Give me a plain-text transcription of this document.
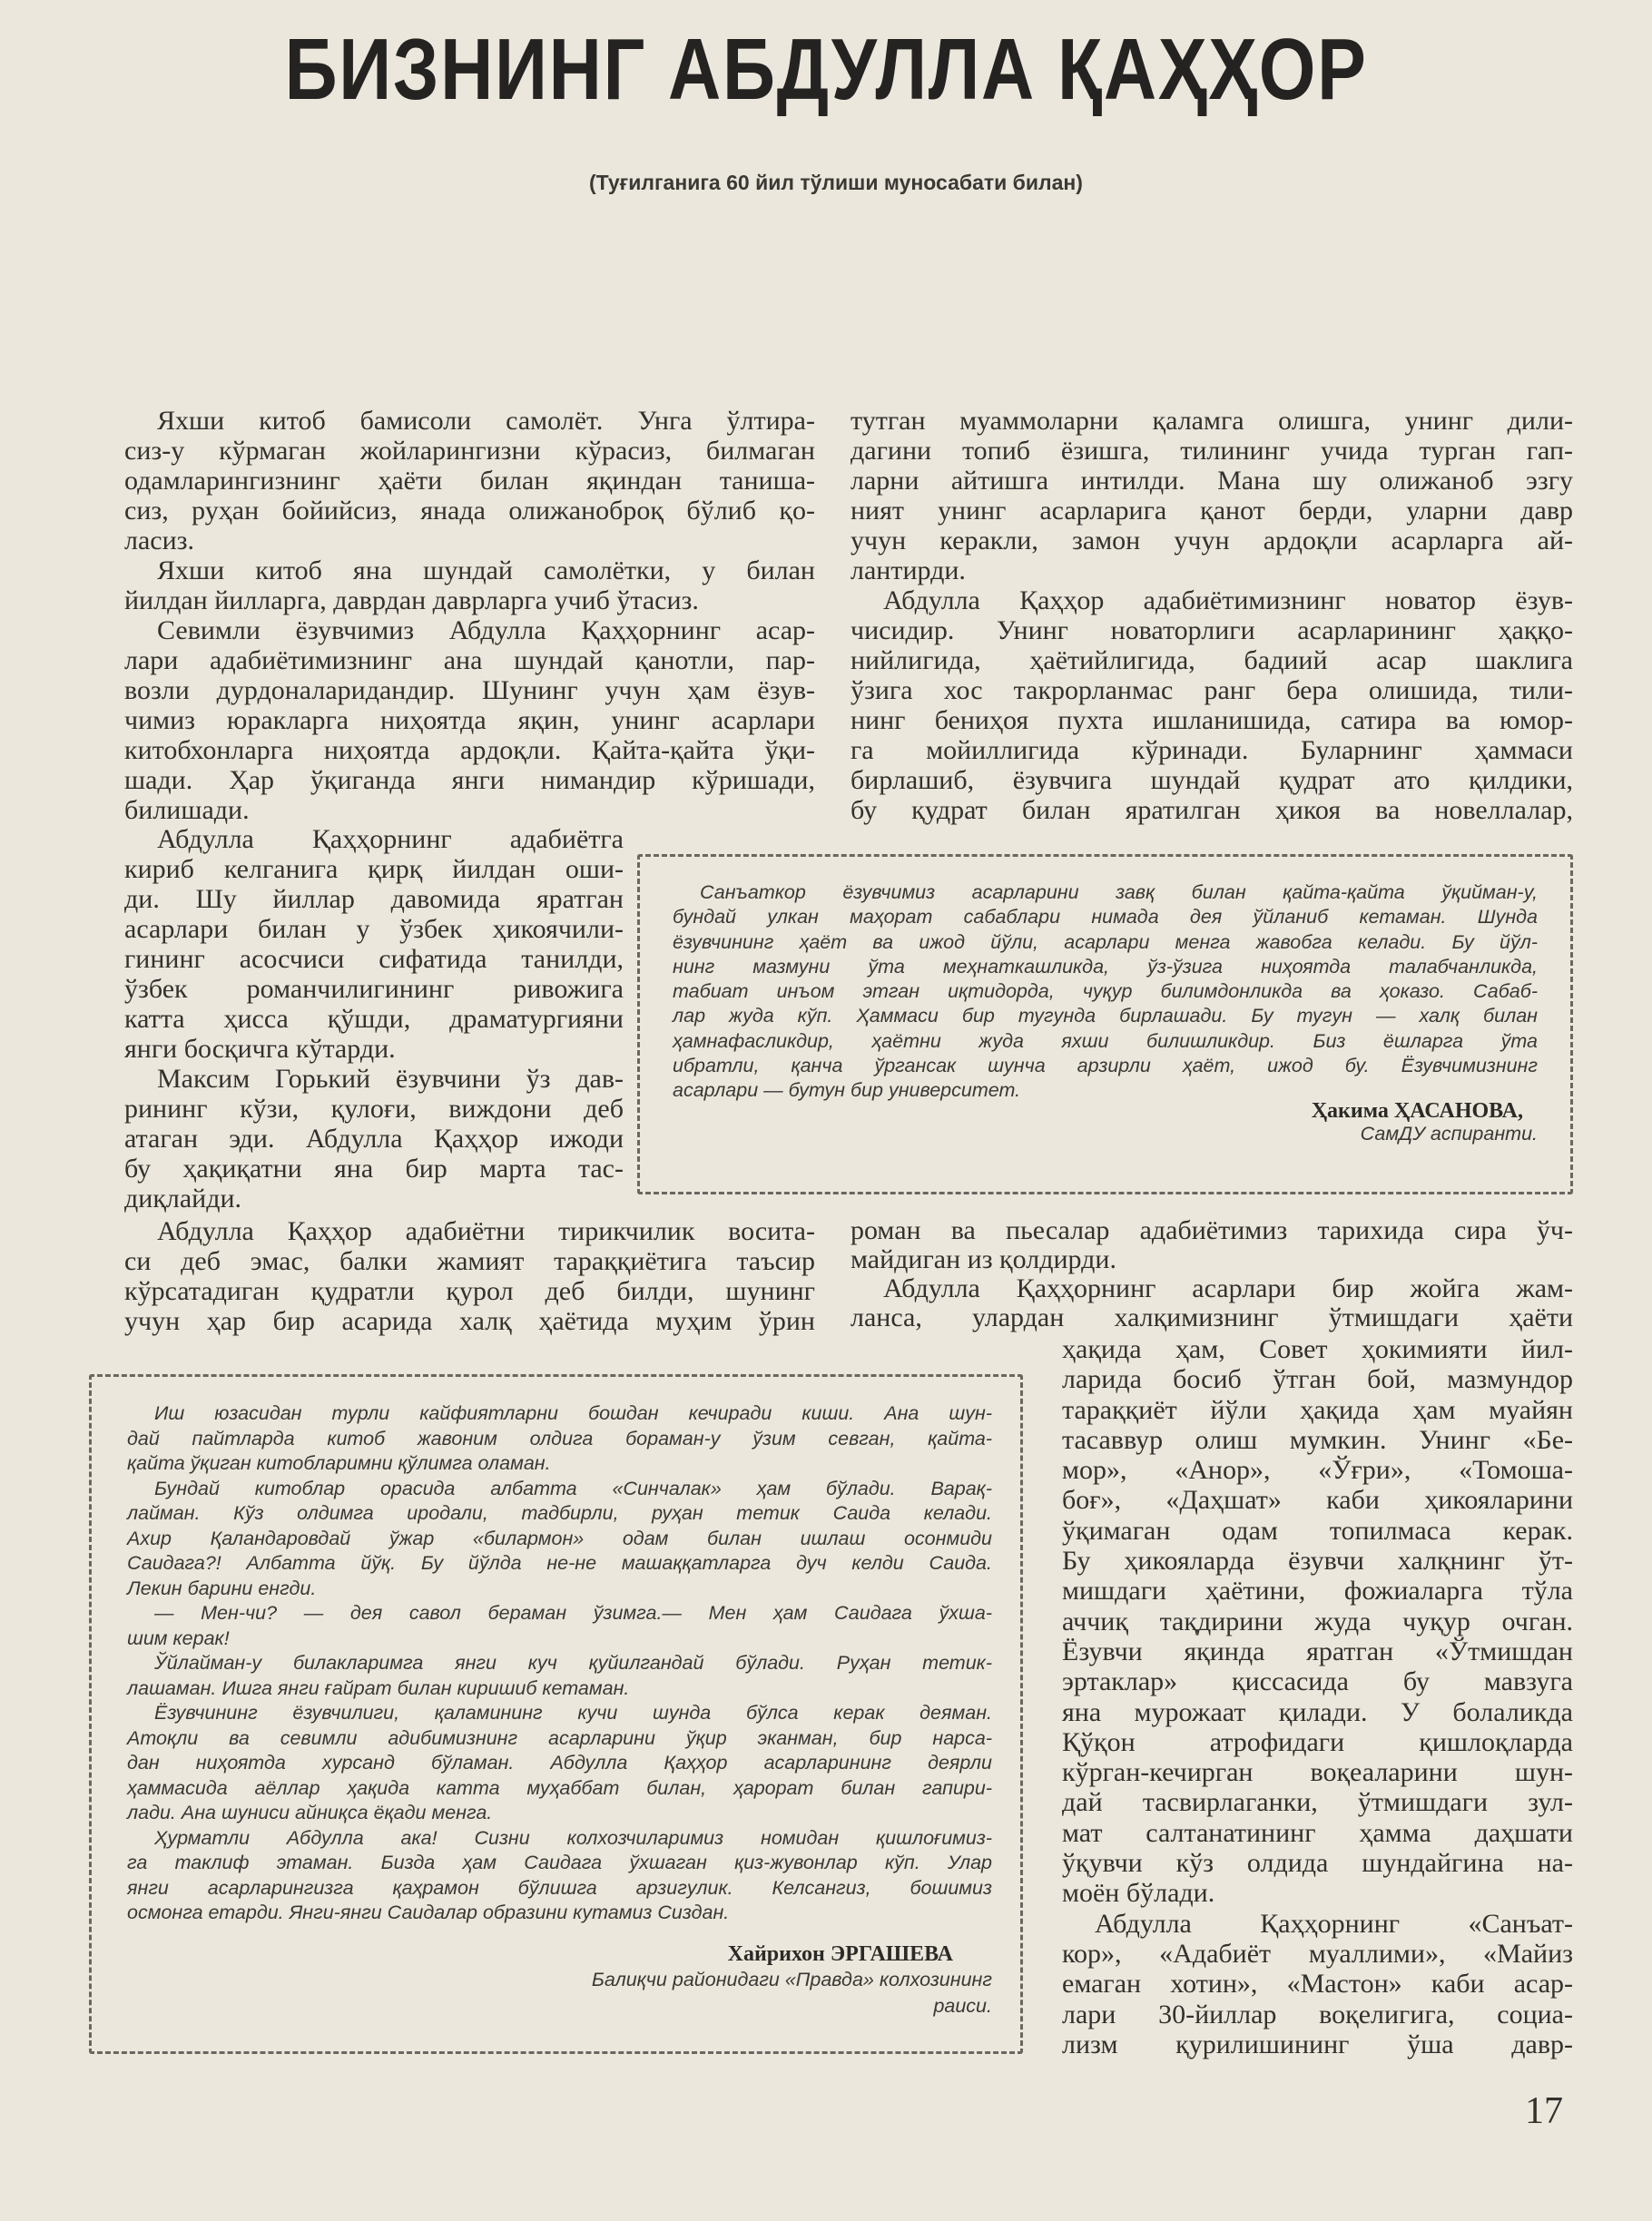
БИЗНИНГ АБДУЛЛА ҚАҲҲОР
(Туғилганига 60 йил тўлиши муносабати билан)
Яхши китоб бамисоли самолёт. Унга ўлтира-
сиз-у кўрмаган жойларингизни кўрасиз, билмаган
одамларингизнинг ҳаёти билан яқиндан таниша-
сиз, руҳан бойийсиз, янада олижаноброқ бўлиб қо-
ласиз.
Яхши китоб яна шундай самолётки, у билан
йилдан йилларга, даврдан даврларга учиб ўтасиз.
Севимли ёзувчимиз Абдулла Қаҳҳорнинг асар-
лари адабиётимизнинг ана шундай қанотли, пар-
возли дурдоналаридандир. Шунинг учун ҳам ёзув-
чимиз юракларга ниҳоятда яқин, унинг асарлари
китобхонларга ниҳоятда ардоқли. Қайта-қайта ўқи-
шади. Ҳар ўқиганда янги нимандир кўришади,
билишади.
Абдулла Қаҳҳорнинг адабиётга
кириб келганига қирқ йилдан оши-
ди. Шу йиллар давомида яратган
асарлари билан у ўзбек ҳикоячили-
гининг асосчиси сифатида танилди,
ўзбек романчилигининг ривожига
катта ҳисса қўшди, драматургияни
янги босқичга кўтарди.
Максим Горький ёзувчини ўз дав-
рининг кўзи, қулоғи, виждони деб
атаган эди. Абдулла Қаҳҳор ижоди
бу ҳақиқатни яна бир марта тас-
диқлайди.
Абдулла Қаҳҳор адабиётни тирикчилик восита-
си деб эмас, балки жамият тараққиётига таъсир
кўрсатадиган қудратли қурол деб билди, шунинг
учун ҳар бир асарида халқ ҳаётида муҳим ўрин
тутган муаммоларни қаламга олишга, унинг дили-
дагини топиб ёзишга, тилининг учида турган гап-
ларни айтишга интилди. Мана шу олижаноб эзгу
ният унинг асарларига қанот берди, уларни давр
учун керакли, замон учун ардоқли асарларга ай-
лантирди.
Абдулла Қаҳҳор адабиётимизнинг новатор ёзув-
чисидир. Унинг новаторлиги асарларининг ҳаққо-
нийлигида, ҳаётийлигида, бадиий асар шаклига
ўзига хос такрорланмас ранг бера олишида, тили-
нинг бениҳоя пухта ишланишида, сатира ва юмор-
га мойиллигида кўринади. Буларнинг ҳаммаси
бирлашиб, ёзувчига шундай қудрат ато қилдики,
бу қудрат билан яратилган ҳикоя ва новеллалар,
роман ва пьесалар адабиётимиз тарихида сира ўч-
майдиган из қолдирди.
Абдулла Қаҳҳорнинг асарлари бир жойга жам-
ланса, улардан халқимизнинг ўтмишдаги ҳаёти
ҳақида ҳам, Совет ҳокимияти йил-
ларида босиб ўтган бой, мазмундор
тараққиёт йўли ҳақида ҳам муайян
тасаввур олиш мумкин. Унинг «Бе-
мор», «Анор», «Ўғри», «Томоша-
боғ», «Даҳшат» каби ҳикояларини
ўқимаган одам топилмаса керак.
Бу ҳикояларда ёзувчи халқнинг ўт-
мишдаги ҳаётини, фожиаларга тўла
аччиқ тақдирини жуда чуқур очган.
Ёзувчи яқинда яратган «Ўтмишдан
эртаклар» қиссасида бу мавзуга
яна мурожаат қилади. У болаликда
Қўқон атрофидаги қишлоқларда
кўрган-кечирган воқеаларини шун-
дай тасвирлаганки, ўтмишдаги зул-
мат салтанатининг ҳамма даҳшати
ўқувчи кўз олдида шундайгина на-
моён бўлади.
Абдулла Қаҳҳорнинг «Санъат-
кор», «Адабиёт муаллими», «Майиз
емаган хотин», «Мастон» каби асар-
лари 30-йиллар воқелигига, социа-
лизм қурилишининг ўша давр-
Санъаткор ёзувчимиз асарларини завқ билан қайта-қайта ўқийман-у,
бундай улкан маҳорат сабаблари нимада дея ўйланиб кетаман. Шунда
ёзувчининг ҳаёт ва ижод йўли, асарлари менга жавобга келади. Бу йўл-
нинг мазмуни ўта меҳнаткашликда, ўз-ўзига ниҳоятда талабчанликда,
табиат инъом этган иқтидорда, чуқур билимдонликда ва ҳоказо. Сабаб-
лар жуда кўп. Ҳаммаси бир тугунда бирлашади. Бу тугун — халқ билан
ҳамнафасликдир, ҳаётни жуда яхши билишликдир. Биз ёшларга ўта
ибратли, қанча ўргансак шунча арзирли ҳаёт, ижод бу. Ёзувчимизнинг
асарлари — бутун бир университет.
Ҳакима ҲАСАНОВА,
СамДУ аспиранти.
Иш юзасидан турли кайфиятларни бошдан кечиради киши. Ана шун-
дай пайтларда китоб жавоним олдига бораман-у ўзим севган, қайта-
қайта ўқиган китобларимни қўлимга оламан.
Бундай китоблар орасида албатта «Синчалак» ҳам бўлади. Варақ-
лайман. Кўз олдимга иродали, тадбирли, руҳан тетик Саида келади.
Ахир Қаландаровдай ўжар «билармон» одам билан ишлаш осонмиди
Саидага?! Албатта йўқ. Бу йўлда не-не машаққатларга дуч келди Саида.
Лекин барини енгди.
— Мен-чи? — дея савол бераман ўзимга.— Мен ҳам Саидага ўхша-
шим керак!
Ўйлайман-у билакларимга янги куч қуйилгандай бўлади. Руҳан тетик-
лашаман. Ишга янги ғайрат билан киришиб кетаман.
Ёзувчининг ёзувчилиги, қаламининг кучи шунда бўлса керак деяман.
Атоқли ва севимли адибимизнинг асарларини ўқир эканман, бир нарса-
дан ниҳоятда хурсанд бўламан. Абдулла Қаҳҳор асарларининг деярли
ҳаммасида аёллар ҳақида катта муҳаббат билан, ҳарорат билан гапири-
лади. Ана шуниси айниқса ёқади менга.
Ҳурматли Абдулла ака! Сизни колхозчиларимиз номидан қишлоғимиз-
га таклиф этаман. Бизда ҳам Саидага ўхшаган қиз-жувонлар кўп. Улар
янги асарларингизга қаҳрамон бўлишга арзигулик. Келсангиз, бошимиз
осмонга етарди. Янги-янги Саидалар образини кутамиз Сиздан.
Хайрихон ЭРГАШЕВА
Балиқчи районидаги «Правда» колхозининг
раиси.
17
